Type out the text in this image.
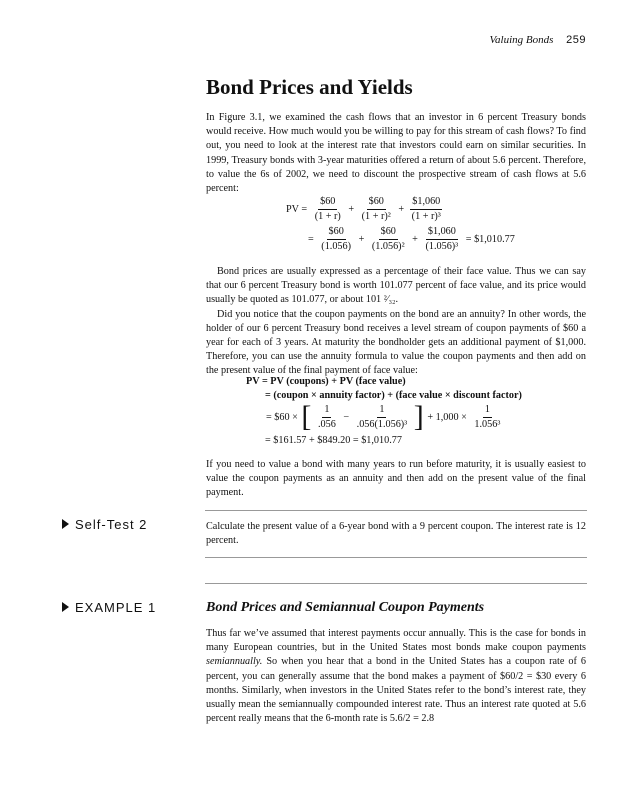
Valuing Bonds 259
Bond Prices and Yields

In Figure 3.1, we examined the cash flows that an investor in 6 percent Treasury bonds would receive. How much would you be willing to pay for this stream of cash flows? To find out, you need to look at the interest rate that investors could earn on similar securities. In 1999, Treasury bonds with 3-year maturities offered a return of about 5.6 percent. Therefore, to value the 6s of 2002, we need to discount the prospective stream of cash flows at 5.6 percent:

PV = $\frac{\$60}{(1 + r)} + \frac{\$60}{\text{(1 + r)²}} + \frac{\$1,060}{\text{(1 + r)³}}$
= $\frac{\$60}{(1.056)} + \frac{\$60}{\text{(1.056)²}} + \frac{\$1,060}{\text{(1.056)³}}$ = $1,010.77

Bond prices are usually expressed as a percentage of their face value. Thus we can say that our 6 percent Treasury bond is worth 101.077 percent of face value, and its price would usually be quoted as 101.077, or about 101 ²⁄₃₂.

Did you notice that the coupon payments on the bond are an annuity? In other words, the holder of our 6 percent Treasury bond receives a level stream of coupon payments of $60 a year for each of 3 years. At maturity the bondholder gets an additional payment of $1,000. Therefore, you can use the annuity formula to value the coupon payments and then add on the present value of the final payment of face value:

PV = PV (coupons) + PV (face value)
= (coupon × annuity factor) + (face value × discount factor)
= $60 × [ $\frac{1}{.056} - \frac{1}{\text{.056(1.056)³}}$ ] + $1,000 \times \frac{1}{\text{1.056³}}$
= $161.57 + $849.20 = $1,010.77

If you need to value a bond with many years to run before maturity, it is usually easiest to value the coupon payments as an annuity and then add on the present value of the final payment.

Self-Test 2	Calculate the present value of a 6-year bond with a 9 percent coupon. The interest rate is 12 percent.

EXAMPLE 1	Bond Prices and Semiannual Coupon Payments

Thus far we’ve assumed that interest payments occur annually. This is the case for bonds in many European countries, but in the United States most bonds make coupon payments semiannually. So when you hear that a bond in the United States has a coupon rate of 6 percent, you can generally assume that the bond makes a payment of $60/2 = $30 every 6 months. Similarly, when investors in the United States refer to the bond’s interest rate, they usually mean the semiannually compounded interest rate. Thus an interest rate quoted at 5.6 percent really means that the 6-month rate is 5.6/2 = 2.8
